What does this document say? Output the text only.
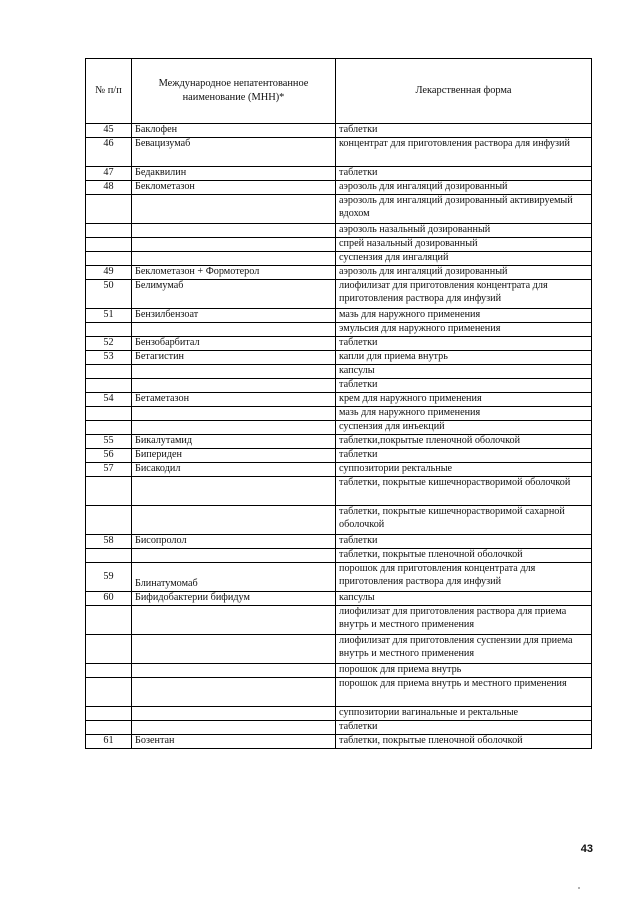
№ п/п	Международное непатентованное наименование (МНН)*	Лекарственная форма
45	Баклофен	таблетки
46	Бевацизумаб	концентрат для приготовления раствора для инфузий
47	Бедаквилин	таблетки
48	Беклометазон	аэрозоль для ингаляций дозированный
		аэрозоль для ингаляций дозированный активируемый вдохом
		аэрозоль назальный дозированный
		спрей назальный дозированный
		суспензия для ингаляций
49	Беклометазон + Формотерол	аэрозоль для ингаляций дозированный
50	Белимумаб	лиофилизат для приготовления концентрата для приготовления раствора для инфузий
51	Бензилбензоат	мазь для наружного применения
		эмульсия для наружного применения
52	Бензобарбитал	таблетки
53	Бетагистин	капли для приема внутрь
		капсулы
		таблетки
54	Бетаметазон	крем для наружного применения
		мазь для наружного применения
		суспензия для инъекций
55	Бикалутамид	таблетки,покрытые пленочной оболочкой
56	Бипериден	таблетки
57	Бисакодил	суппозитории ректальные
		таблетки, покрытые кишечнорастворимой оболочкой
		таблетки, покрытые кишечнорастворимой сахарной оболочкой
58	Бисопролол	таблетки
		таблетки, покрытые пленочной оболочкой
59	Блинатумомаб	порошок для приготовления концентрата для приготовления раствора для инфузий
60	Бифидобактерии бифидум	капсулы
		лиофилизат для приготовления раствора для приема внутрь и местного применения
		лиофилизат для приготовления суспензии для приема внутрь и местного применения
		порошок для приема внутрь
		порошок для приема внутрь и местного применения
		суппозитории вагинальные и ректальные
		таблетки
61	Бозентан	таблетки, покрытые пленочной оболочкой
43
